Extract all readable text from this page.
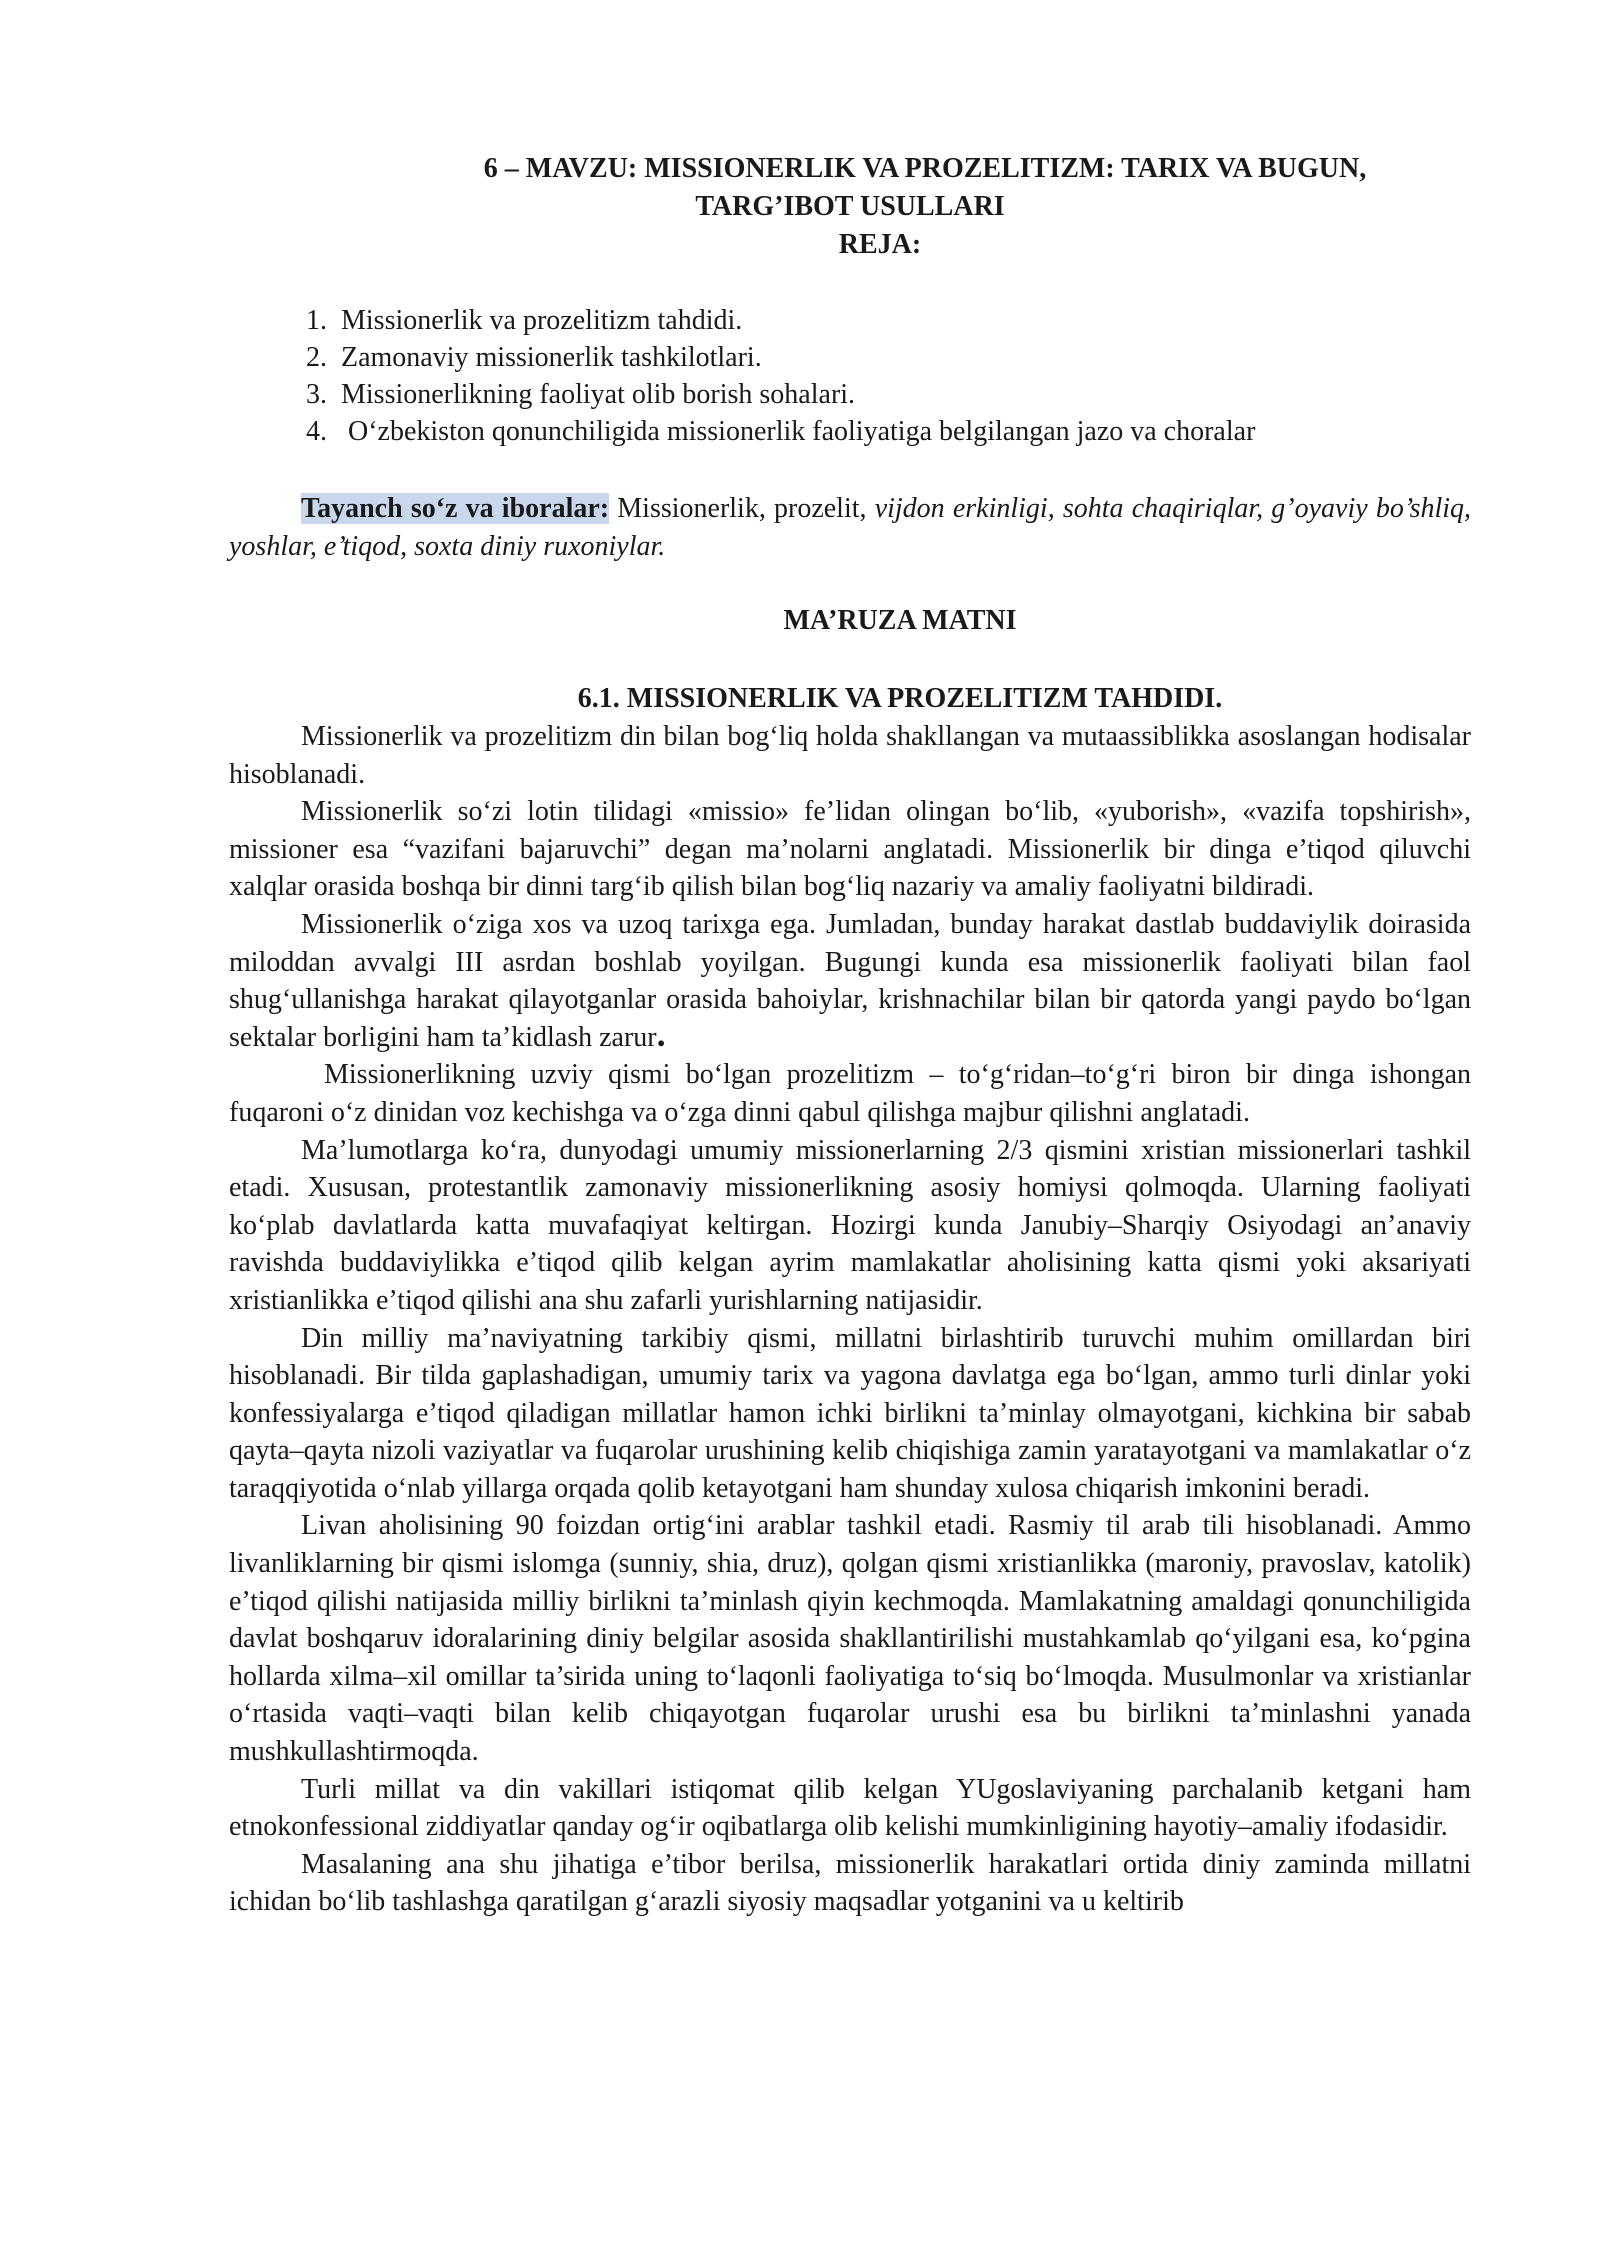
6 – MAVZU: MISSIONERLIK VA PROZELITIZM: TARIX VA BUGUN,

TARG’IBOT USULLARI

REJA:

1. Missionerlik va prozelitizm tahdidi.
2. Zamonaviy missionerlik tashkilotlari.
3. Missionerlikning faoliyat olib borish sohalari.
4. O‘zbekiston qonunchiligida missionerlik faoliyatiga belgilangan jazo va choralar

Tayanch so‘z va iboralar: Missionerlik, prozelit, vijdon erkinligi, sohta chaqiriqlar, g’oyaviy bo’shliq, yoshlar, e’tiqod, soxta diniy ruxoniylar.

MA’RUZA MATNI

6.1. MISSIONERLIK VA PROZELITIZM TAHDIDI.

Missionerlik va prozelitizm din bilan bog‘liq holda shakllangan va mutaassiblikka asoslangan hodisalar hisoblanadi.

Missionerlik so‘zi lotin tilidagi «missio» fe’lidan olingan bo‘lib, «yuborish», «vazifa topshirish», missioner esa “vazifani bajaruvchi” degan ma’nolarni anglatadi. Missionerlik bir dinga e’tiqod qiluvchi xalqlar orasida boshqa bir dinni targ‘ib qilish bilan bog‘liq nazariy va amaliy faoliyatni bildiradi.

Missionerlik o‘ziga xos va uzoq tarixga ega. Jumladan, bunday harakat dastlab buddaviylik doirasida miloddan avvalgi III asrdan boshlab yoyilgan. Bugungi kunda esa missionerlik faoliyati bilan faol shug‘ullanishga harakat qilayotganlar orasida bahoiylar, krishnachilar bilan bir qatorda yangi paydo bo‘lgan sektalar borligini ham ta’kidlash zarur.

Missionerlikning uzviy qismi bo‘lgan prozelitizm – to‘g‘ridan–to‘g‘ri biron bir dinga ishongan fuqaroni o‘z dinidan voz kechishga va o‘zga dinni qabul qilishga majbur qilishni anglatadi.

Ma’lumotlarga ko‘ra, dunyodagi umumiy missionerlarning 2/3 qismini xristian missionerlari tashkil etadi. Xususan, protestantlik zamonaviy missionerlikning asosiy homiysi qolmoqda. Ularning faoliyati ko‘plab davlatlarda katta muvafaqiyat keltirgan. Hozirgi kunda Janubiy–Sharqiy Osiyodagi an’anaviy ravishda buddaviylikka e’tiqod qilib kelgan ayrim mamlakatlar aholisining katta qismi yoki aksariyati xristianlikka e’tiqod qilishi ana shu zafarli yurishlarning natijasidir.

Din milliy ma’naviyatning tarkibiy qismi, millatni birlashtirib turuvchi muhim omillardan biri hisoblanadi. Bir tilda gaplashadigan, umumiy tarix va yagona davlatga ega bo‘lgan, ammo turli dinlar yoki konfessiyalarga e’tiqod qiladigan millatlar hamon ichki birlikni ta’minlay olmayotgani, kichkina bir sabab qayta–qayta nizoli vaziyatlar va fuqarolar urushining kelib chiqishiga zamin yaratayotgani va mamlakatlar o‘z taraqqiyotida o‘nlab yillarga orqada qolib ketayotgani ham shunday xulosa chiqarish imkonini beradi.

Livan aholisining 90 foizdan ortig‘ini arablar tashkil etadi. Rasmiy til arab tili hisoblanadi. Ammo livanliklarning bir qismi islomga (sunniy, shia, druz), qolgan qismi xristianlikka (maroniy, pravoslav, katolik) e’tiqod qilishi natijasida milliy birlikni ta’minlash qiyin kechmoqda. Mamlakatning amaldagi qonunchiligida davlat boshqaruv idoralarining diniy belgilar asosida shakllantirilishi mustahkamlab qo‘yilgani esa, ko‘pgina hollarda xilma–xil omillar ta’sirida uning to‘laqonli faoliyatiga to‘siq bo‘lmoqda. Musulmonlar va xristianlar o‘rtasida vaqti–vaqti bilan kelib chiqayotgan fuqarolar urushi esa bu birlikni ta’minlashni yanada mushkullashtirmoqda.

Turli millat va din vakillari istiqomat qilib kelgan YUgoslaviyaning parchalanib ketgani ham etnokonfessional ziddiyatlar qanday og‘ir oqibatlarga olib kelishi mumkinligining hayotiy–amaliy ifodasidir.

Masalaning ana shu jihatiga e’tibor berilsa, missionerlik harakatlari ortida diniy zaminda millatni ichidan bo‘lib tashlashga qaratilgan g‘arazli siyosiy maqsadlar yotganini va u keltirib
